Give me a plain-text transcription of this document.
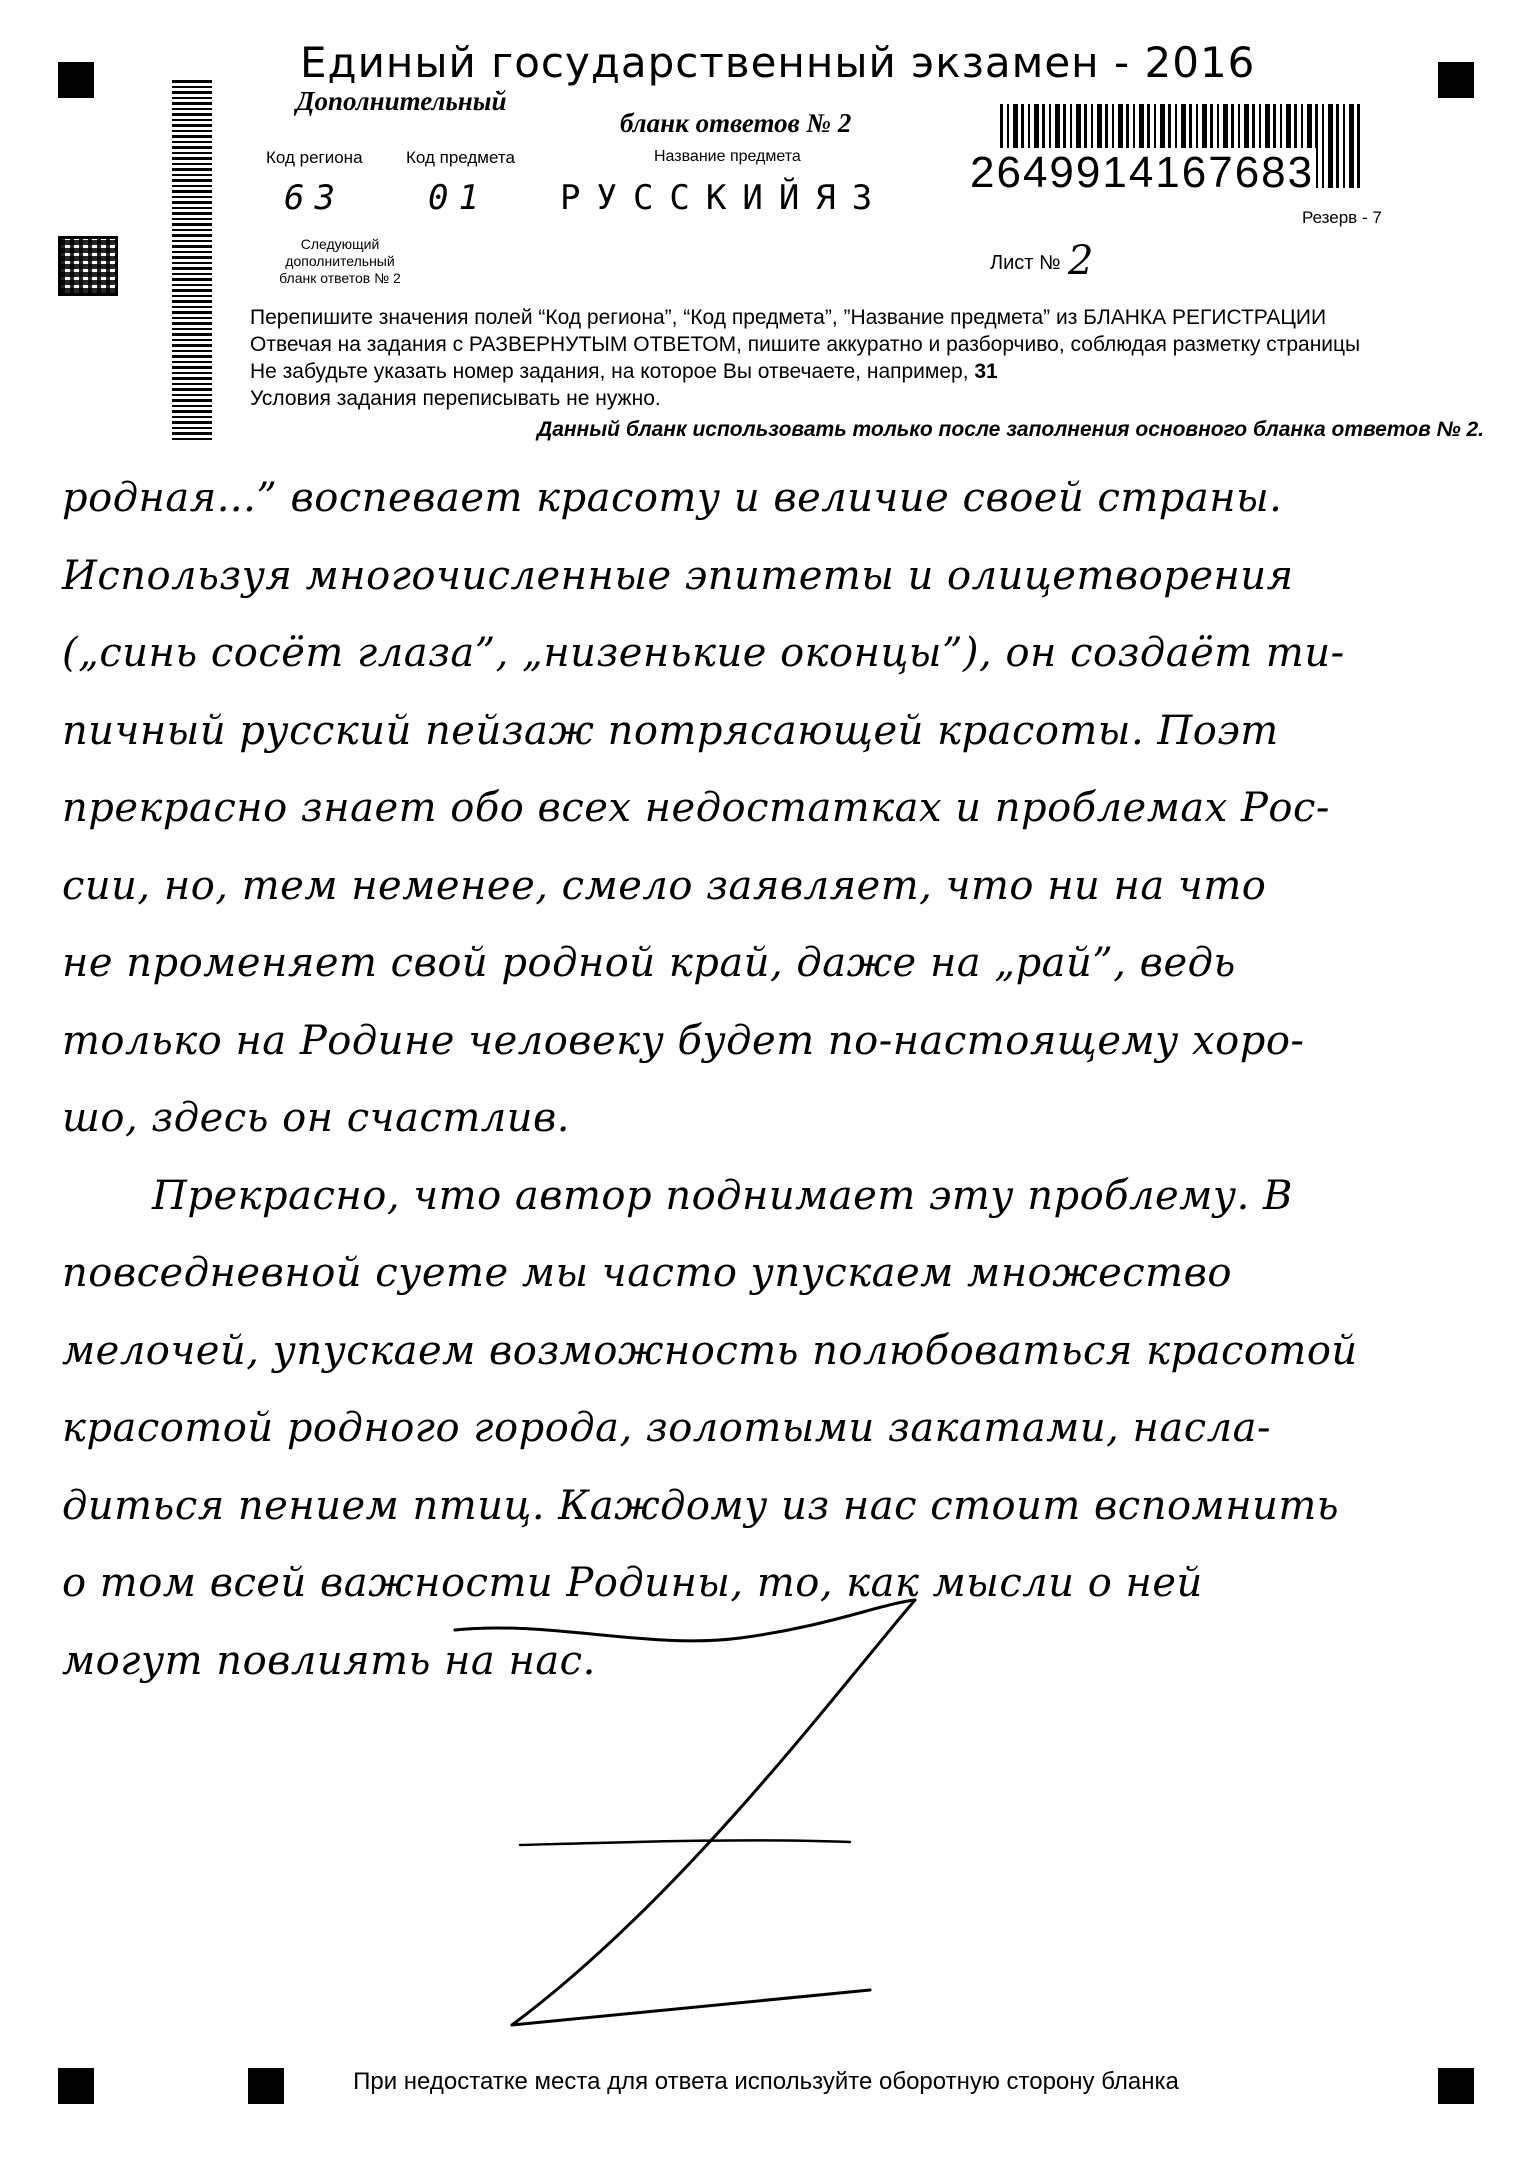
2649914167683
Единый государственный экзамен - 2016
Дополнительный
бланк ответов № 2
Код региона	Код предмета	Название предмета
63 01 РУССКИЙЯЗ	Резерв - 7
Следующий
дополнительный
бланк ответов № 2
Лист № 2
Перепишите значения полей “Код региона”, “Код предмета”, ”Название предмета” из БЛАНКА РЕГИСТРАЦИИ
Отвечая на задания с РАЗВЕРНУТЫМ ОТВЕТОМ, пишите аккуратно и разборчиво, соблюдая разметку страницы
Не забудьте указать номер задания, на которое Вы отвечаете, например, 31
Условия задания переписывать не нужно.
Данный бланк использовать только после заполнения основного бланка ответов № 2.
родная...” воспевает красоту и величие своей страны.
Используя многочисленные эпитеты и олицетворения
(„синь сосёт глаза”, „низенькие оконцы”), он создаёт ти-
пичный русский пейзаж потрясающей красоты. Поэт
прекрасно знает обо всех недостатках и проблемах Рос-
сии, но, тем неменее, смело заявляет, что ни на что
не променяет свой родной край, даже на „рай”, ведь
только на Родине человеку будет по-настоящему хоро-
шо, здесь он счастлив.
Прекрасно, что автор поднимает эту проблему. В
повседневной суете мы часто упускаем множество
мелочей, упускаем возможность полюбоваться красотой
красотой родного города, золотыми закатами, насла-
диться пением птиц. Каждому из нас стоит вспомнить
о том всей важности Родины, то, как мысли о ней
могут повлиять на нас.
При недостатке места для ответа используйте оборотную сторону бланка
